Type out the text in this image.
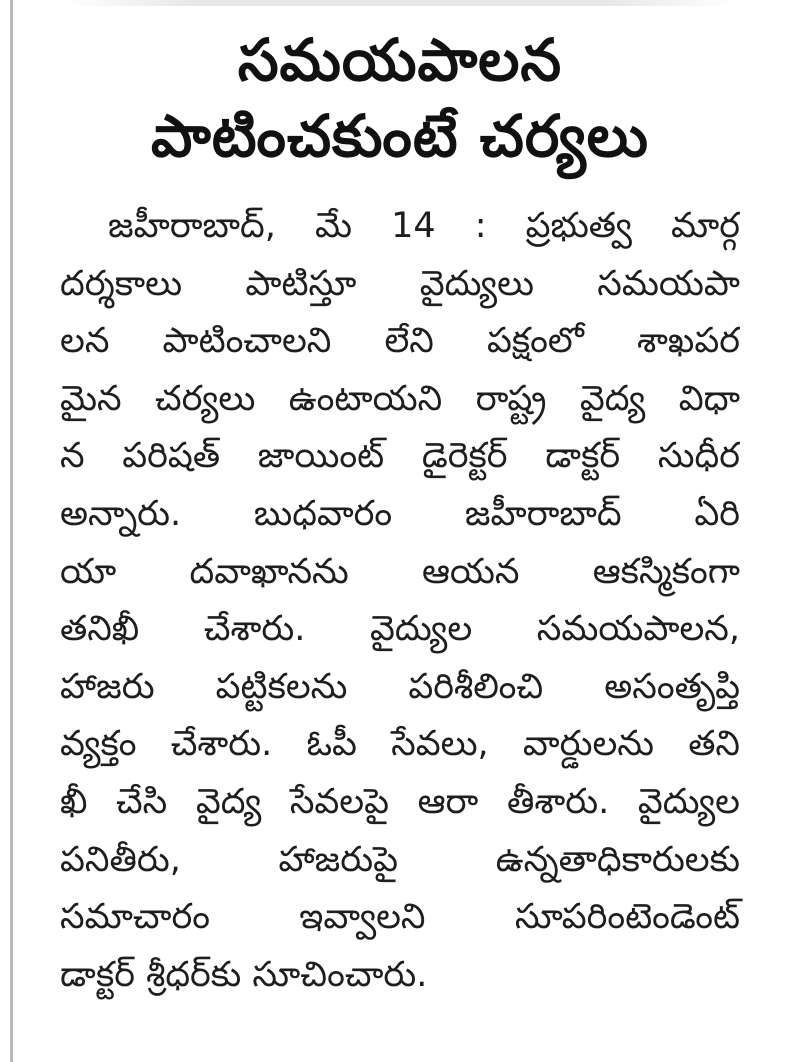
సమయపాలన
పాటించకుంటే చర్యలు
జహీరాబాద్, మే 14 : ప్రభుత్వ మార్గ
దర్శకాలు పాటిస్తూ వైద్యులు సమయపా
లన పాటించాలని లేని పక్షంలో శాఖపర
మైన చర్యలు ఉంటాయని రాష్ట్ర వైద్య విధా
న పరిషత్ జాయింట్ డైరెక్టర్ డాక్టర్ సుధీర
అన్నారు. బుధవారం జహీరాబాద్ ఏరి
యా దవాఖానను ఆయన ఆకస్మికంగా
తనిఖీ చేశారు. వైద్యుల సమయపాలన,
హాజరు పట్టికలను పరిశీలించి అసంతృప్తి
వ్యక్తం చేశారు. ఓపీ సేవలు, వార్డులను తని
ఖీ చేసి వైద్య సేవలపై ఆరా తీశారు. వైద్యుల
పనితీరు, హాజరుపై ఉన్నతాధికారులకు
సమాచారం ఇవ్వాలని సూపరింటెండెంట్
డాక్టర్ శ్రీధర్‌కు సూచించారు.
